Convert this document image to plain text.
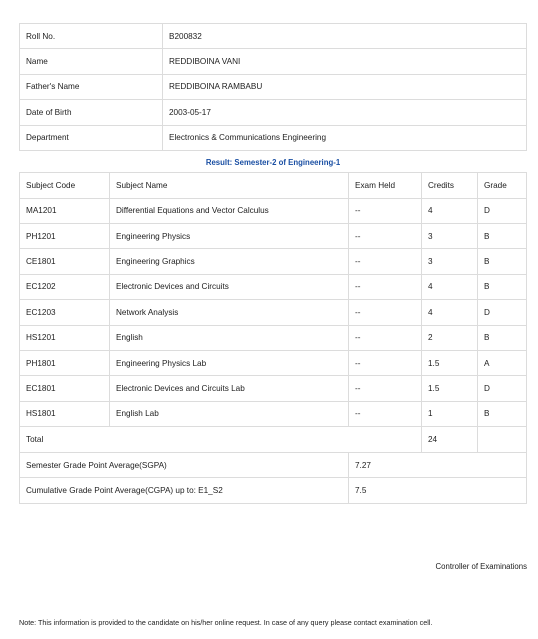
Roll No.	B200832
Name	REDDIBOINA VANI
Father's Name	REDDIBOINA RAMBABU
Date of Birth	2003-05-17
Department	Electronics & Communications Engineering
Result: Semester-2 of Engineering-1
Subject Code	Subject Name	Exam Held	Credits	Grade
MA1201	Differential Equations and Vector Calculus	--	4	D
PH1201	Engineering Physics	--	3	B
CE1801	Engineering Graphics	--	3	B
EC1202	Electronic Devices and Circuits	--	4	B
EC1203	Network Analysis	--	4	D
HS1201	English	--	2	B
PH1801	Engineering Physics Lab	--	1.5	A
EC1801	Electronic Devices and Circuits Lab	--	1.5	D
HS1801	English Lab	--	1	B
Total			24	
Semester Grade Point Average(SGPA)	7.27
Cumulative Grade Point Average(CGPA) up to: E1_S2	7.5
Controller of Examinations
Note: This information is provided to the candidate on his/her online request. In case of any query please contact examination cell.
